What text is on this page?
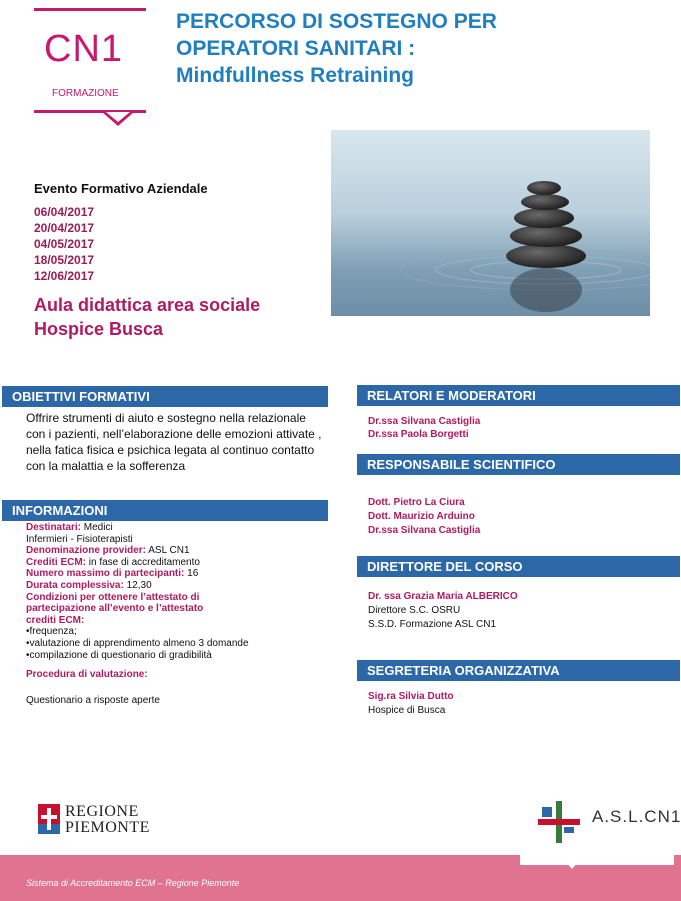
CN1
FORMAZIONE
PERCORSO DI SOSTEGNO PER
OPERATORI SANITARI :
Mindfullness Retraining
Evento Formativo Aziendale
06/04/2017
20/04/2017
04/05/2017
18/05/2017
12/06/2017
Aula didattica area sociale
Hospice Busca
OBIETTIVI FORMATIVI
Offrire strumenti di aiuto e sostegno nella relazionale con i pazienti, nell’elaborazione delle emozioni attivate , nella fatica fisica e psichica legata al continuo contatto con la malattia e la sofferenza
INFORMAZIONI
Destinatari: Medici
Infermieri - Fisioterapisti
Denominazione provider: ASL CN1
Crediti ECM: in fase di accreditamento
Numero massimo di partecipanti: 16
Durata complessiva: 12,30
Condizioni per ottenere l’attestato di
partecipazione all’evento e l’attestato
crediti ECM:
•frequenza;
•valutazione di apprendimento almeno 3 domande
•compilazione di questionario di gradibilità
Procedura di valutazione:
Questionario a risposte aperte
RELATORI E MODERATORI
Dr.ssa Silvana Castiglia
Dr.ssa Paola Borgetti
RESPONSABILE SCIENTIFICO
Dott. Pietro La Ciura
Dott. Maurizio Arduino
Dr.ssa Silvana Castiglia
DIRETTORE DEL CORSO
Dr. ssa Grazia Maria ALBERICO
Direttore S.C. OSRU
S.S.D. Formazione ASL CN1
SEGRETERIA ORGANIZZATIVA
Sig.ra Silvia Dutto
Hospice di Busca
REGIONE
PIEMONTE
Sistema di Accreditamento ECM – Regione Piemonte
A.S.L.CN1
